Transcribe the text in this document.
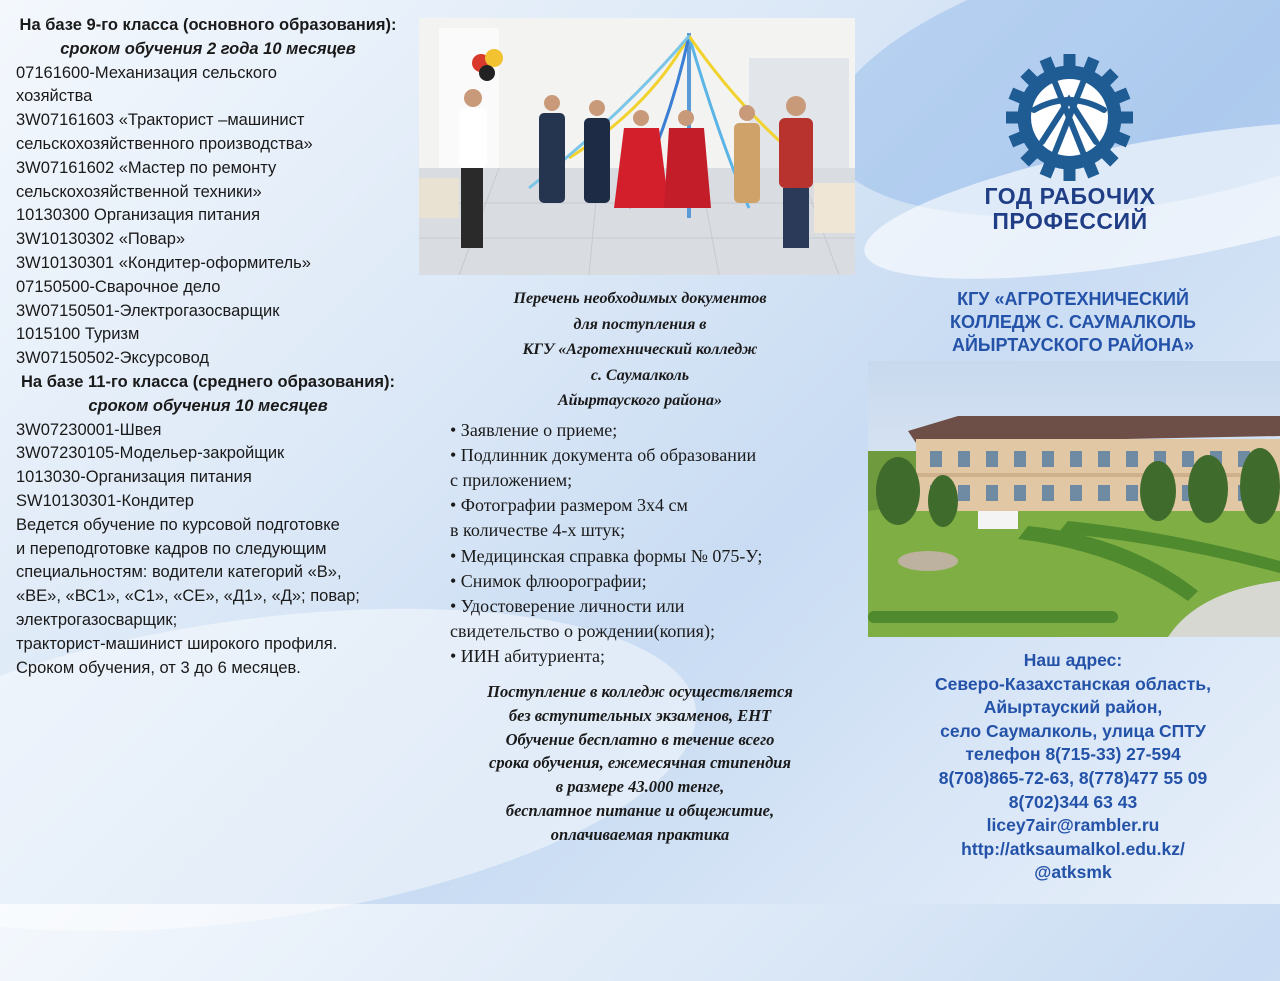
На базе 9-го класса (основного образования): сроком обучения 2 года 10 месяцев
07161600-Механизация сельского
хозяйства
3W07161603 «Тракторист –машинист
сельскохозяйственного производства»
3W07161602 «Мастер по ремонту
сельскохозяйственной техники»
10130300 Организация питания
3W10130302 «Повар»
3W10130301 «Кондитер-оформитель»
07150500-Сварочное дело
3W07150501-Электрогазосварщик
1015100 Туризм
3W07150502-Эксурсовод
На базе 11-го класса (среднего образования): сроком обучения 10 месяцев
3W07230001-Швея
3W07230105-Модельер-закройщик
1013030-Организация питания
SW10130301-Кондитер
Ведется обучение по курсовой подготовке
и переподготовке кадров по следующим
специальностям: водители категорий «В»,
«ВЕ», «ВС1», «С1», «СЕ», «Д1», «Д»; повар;
электрогазосварщик;
тракторист-машинист широкого профиля.
Сроком обучения, от 3 до 6 месяцев.
Перечень необходимых документов
для поступления в
КГУ «Агротехнический колледж
с. Саумалколь
Айыртауского района»
• Заявление о приеме;
• Подлинник документа об образовании
с приложением;
• Фотографии размером 3х4 см
в количестве 4-х штук;
• Медицинская справка формы № 075-У;
• Снимок флюорографии;
• Удостоверение личности или
свидетельство о рождении(копия);
• ИИН абитуриента;
Поступление в колледж осуществляется
без вступительных экзаменов, ЕНТ
Обучение бесплатно в течение всего
срока обучения, ежемесячная стипендия
в размере 43.000 тенге,
бесплатное питание и общежитие,
оплачиваемая практика
ГОД РАБОЧИХ
ПРОФЕССИЙ
КГУ «АГРОТЕХНИЧЕСКИЙ
КОЛЛЕДЖ С. САУМАЛКОЛЬ
АЙЫРТАУСКОГО РАЙОНА»
Наш адрес:
Северо-Казахстанская область,
Айыртауский район,
село Саумалколь, улица СПТУ
телефон 8(715-33) 27-594
8(708)865-72-63, 8(778)477 55 09
8(702)344 63 43
licey7air@rambler.ru
http://atksaumalkol.edu.kz/
@atksmk
